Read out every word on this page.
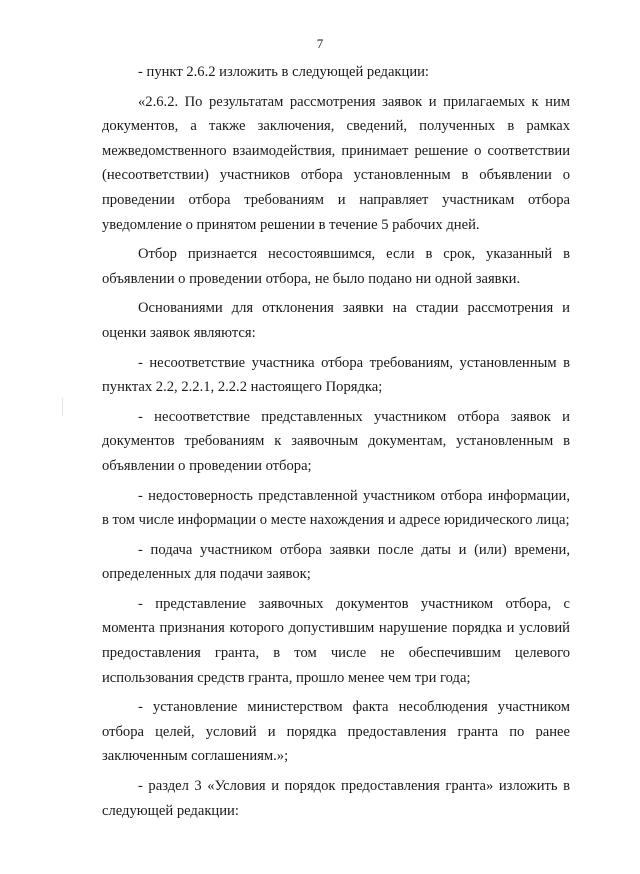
7

- пункт 2.6.2 изложить в следующей редакции:

«2.6.2. По результатам рассмотрения заявок и прилагаемых к ним документов, а также заключения, сведений, полученных в рамках межведомственного взаимодействия, принимает решение о соответствии (несоответствии) участников отбора установленным в объявлении о проведении отбора требованиям и направляет участникам отбора уведомление о принятом решении в течение 5 рабочих дней.

Отбор признается несостоявшимся, если в срок, указанный в объявлении о проведении отбора, не было подано ни одной заявки.

Основаниями для отклонения заявки на стадии рассмотрения и оценки заявок являются:

- несоответствие участника отбора требованиям, установленным в пунктах 2.2, 2.2.1, 2.2.2 настоящего Порядка;

- несоответствие представленных участником отбора заявок и документов требованиям к заявочным документам, установленным в объявлении о проведении отбора;

- недостоверность представленной участником отбора информации, в том числе информации о месте нахождения и адресе юридического лица;

- подача участником отбора заявки после даты и (или) времени, определенных для подачи заявок;

- представление заявочных документов участником отбора, с момента признания которого допустившим нарушение порядка и условий предоставления гранта, в том числе не обеспечившим целевого использования средств гранта, прошло менее чем три года;

- установление министерством факта несоблюдения участником отбора целей, условий и порядка предоставления гранта по ранее заключенным соглашениям.»;

- раздел 3 «Условия и порядок предоставления гранта» изложить в следующей редакции:
